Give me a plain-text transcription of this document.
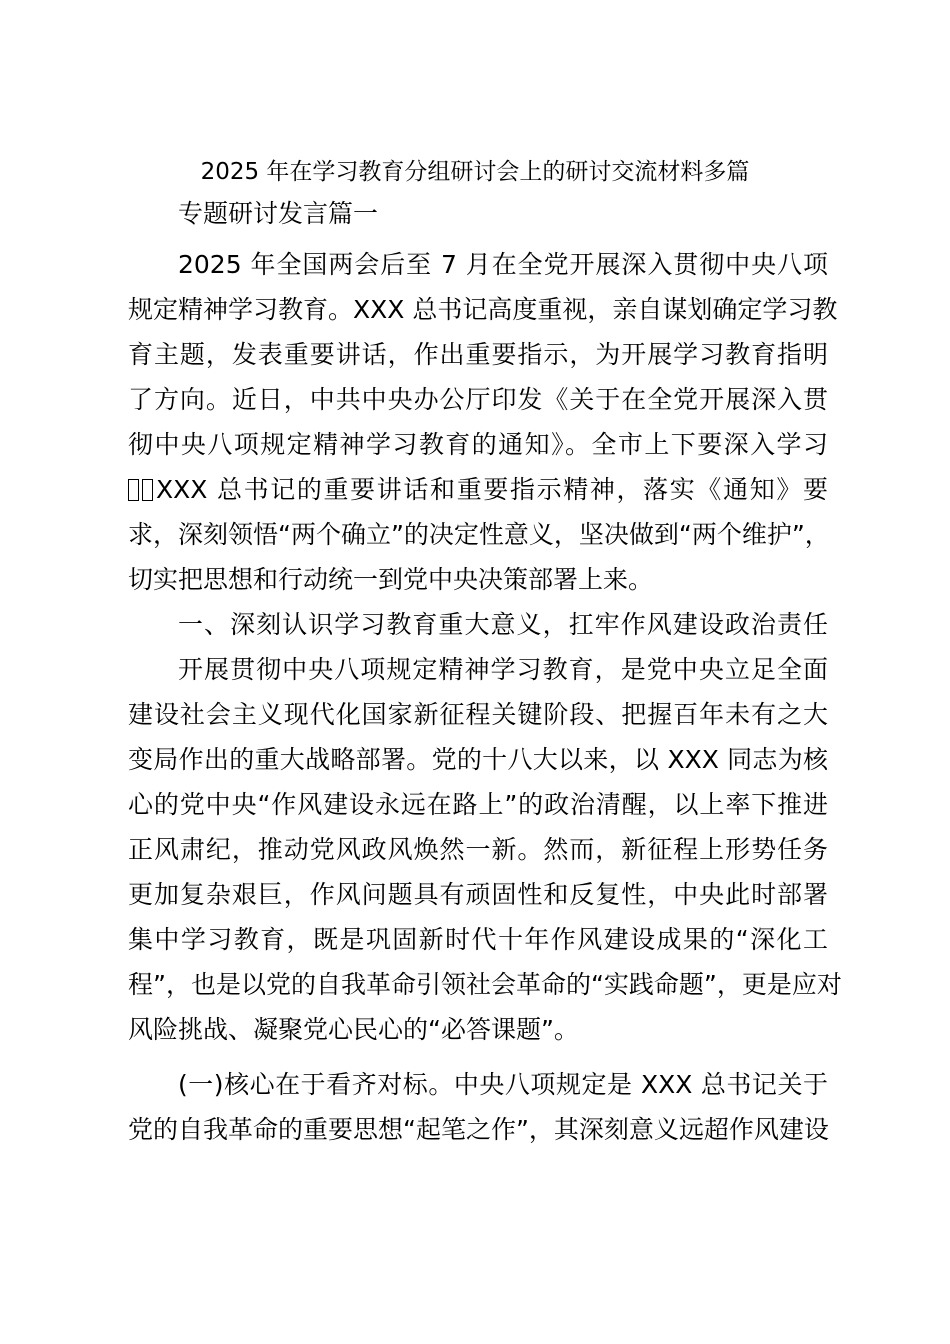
2025 年在学习教育分组研讨会上的研讨交流材料多篇
专题研讨发言篇一
2025 年全国两会后至 7 月在全党开展深入贯彻中央八项
规定精神学习教育。XXX 总书记高度重视，亲自谋划确定学习教
育主题，发表重要讲话，作出重要指示，为开展学习教育指明
了方向。近日，中共中央办公厅印发《关于在全党开展深入贯
彻中央八项规定精神学习教育的通知》。全市上下要深入学习
XXX 总书记的重要讲话和重要指示精神，落实《通知》要
求，深刻领悟“两个确立”的决定性意义，坚决做到“两个维护”，
切实把思想和行动统一到党中央决策部署上来。
一、深刻认识学习教育重大意义，扛牢作风建设政治责任
开展贯彻中央八项规定精神学习教育，是党中央立足全面
建设社会主义现代化国家新征程关键阶段、把握百年未有之大
变局作出的重大战略部署。党的十八大以来，以 XXX 同志为核
心的党中央“作风建设永远在路上”的政治清醒，以上率下推进
正风肃纪，推动党风政风焕然一新。然而，新征程上形势任务
更加复杂艰巨，作风问题具有顽固性和反复性，中央此时部署
集中学习教育，既是巩固新时代十年作风建设成果的“深化工
程”，也是以党的自我革命引领社会革命的“实践命题”，更是应对
风险挑战、凝聚党心民心的“必答课题”。
(一)核心在于看齐对标。中央八项规定是 XXX 总书记关于
党的自我革命的重要思想“起笔之作”，其深刻意义远超作风建设
